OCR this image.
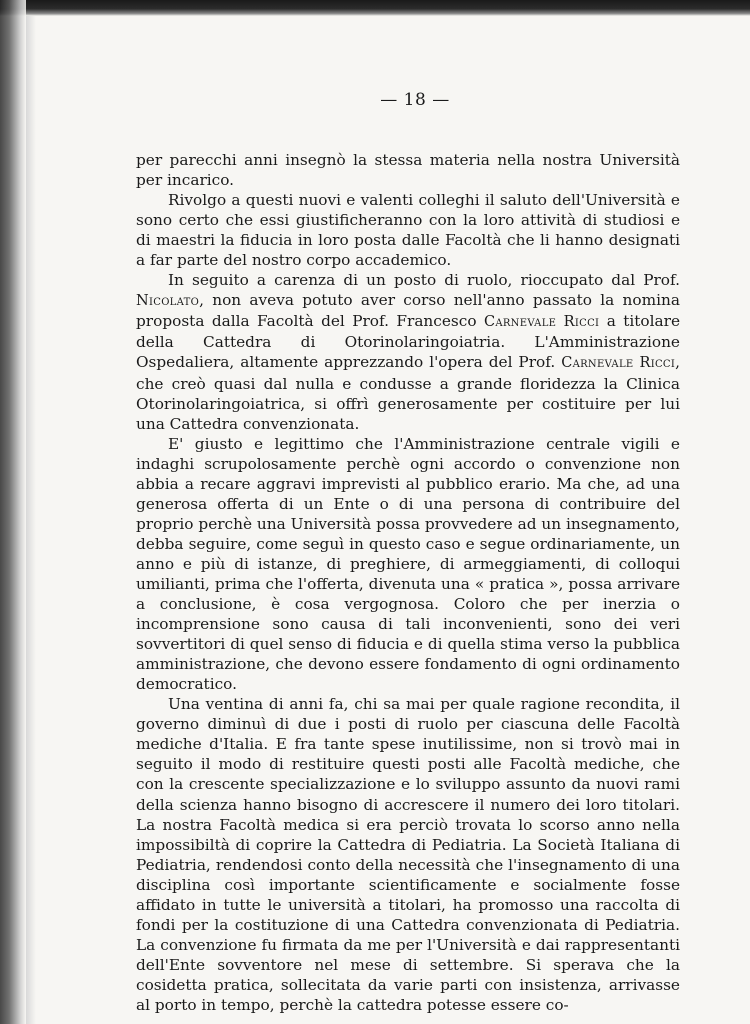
— 18 —

per parecchi anni insegnò la stessa materia nella nostra Università per incarico.

Rivolgo a questi nuovi e valenti colleghi il saluto dell'Università e sono certo che essi giustificheranno con la loro attività di studiosi e di maestri la fiducia in loro posta dalle Facoltà che li hanno designati a far parte del nostro corpo accademico.

In seguito a carenza di un posto di ruolo, rioccupato dal Prof. Nicolato, non aveva potuto aver corso nell'anno passato la nomina proposta dalla Facoltà del Prof. Francesco Carnevale Ricci a titolare della Cattedra di Otorinolaringoiatria. L'Amministrazione Ospedaliera, altamente apprezzando l'opera del Prof. Carnevale Ricci, che creò quasi dal nulla e condusse a grande floridezza la Clinica Otorinolaringoiatrica, si offrì generosamente per costituire per lui una Cattedra convenzionata.

E' giusto e legittimo che l'Amministrazione centrale vigili e indaghi scrupolosamente perchè ogni accordo o convenzione non abbia a recare aggravi imprevisti al pubblico erario. Ma che, ad una generosa offerta di un Ente o di una persona di contribuire del proprio perchè una Università possa provvedere ad un insegnamento, debba seguire, come seguì in questo caso e segue ordinariamente, un anno e più di istanze, di preghiere, di armeggiamenti, di colloqui umilianti, prima che l'offerta, divenuta una « pratica », possa arrivare a conclusione, è cosa vergognosa. Coloro che per inerzia o incomprensione sono causa di tali inconvenienti, sono dei veri sovvertitori di quel senso di fiducia e di quella stima verso la pubblica amministrazione, che devono essere fondamento di ogni ordinamento democratico.

Una ventina di anni fa, chi sa mai per quale ragione recondita, il governo diminuì di due i posti di ruolo per ciascuna delle Facoltà mediche d'Italia. E fra tante spese inutilissime, non si trovò mai in seguito il modo di restituire questi posti alle Facoltà mediche, che con la crescente specializzazione e lo sviluppo assunto da nuovi rami della scienza hanno bisogno di accrescere il numero dei loro titolari. La nostra Facoltà medica si era perciò trovata lo scorso anno nella impossibiltà di coprire la Cattedra di Pediatria. La Società Italiana di Pediatria, rendendosi conto della necessità che l'insegnamento di una disciplina così importante scientificamente e socialmente fosse affidato in tutte le università a titolari, ha promosso una raccolta di fondi per la costituzione di una Cattedra convenzionata di Pediatria. La convenzione fu firmata da me per l'Università e dai rappresentanti dell'Ente sovventore nel mese di settembre. Si sperava che la cosidetta pratica, sollecitata da varie parti con insistenza, arrivasse al porto in tempo, perchè la cattedra potesse essere co-
